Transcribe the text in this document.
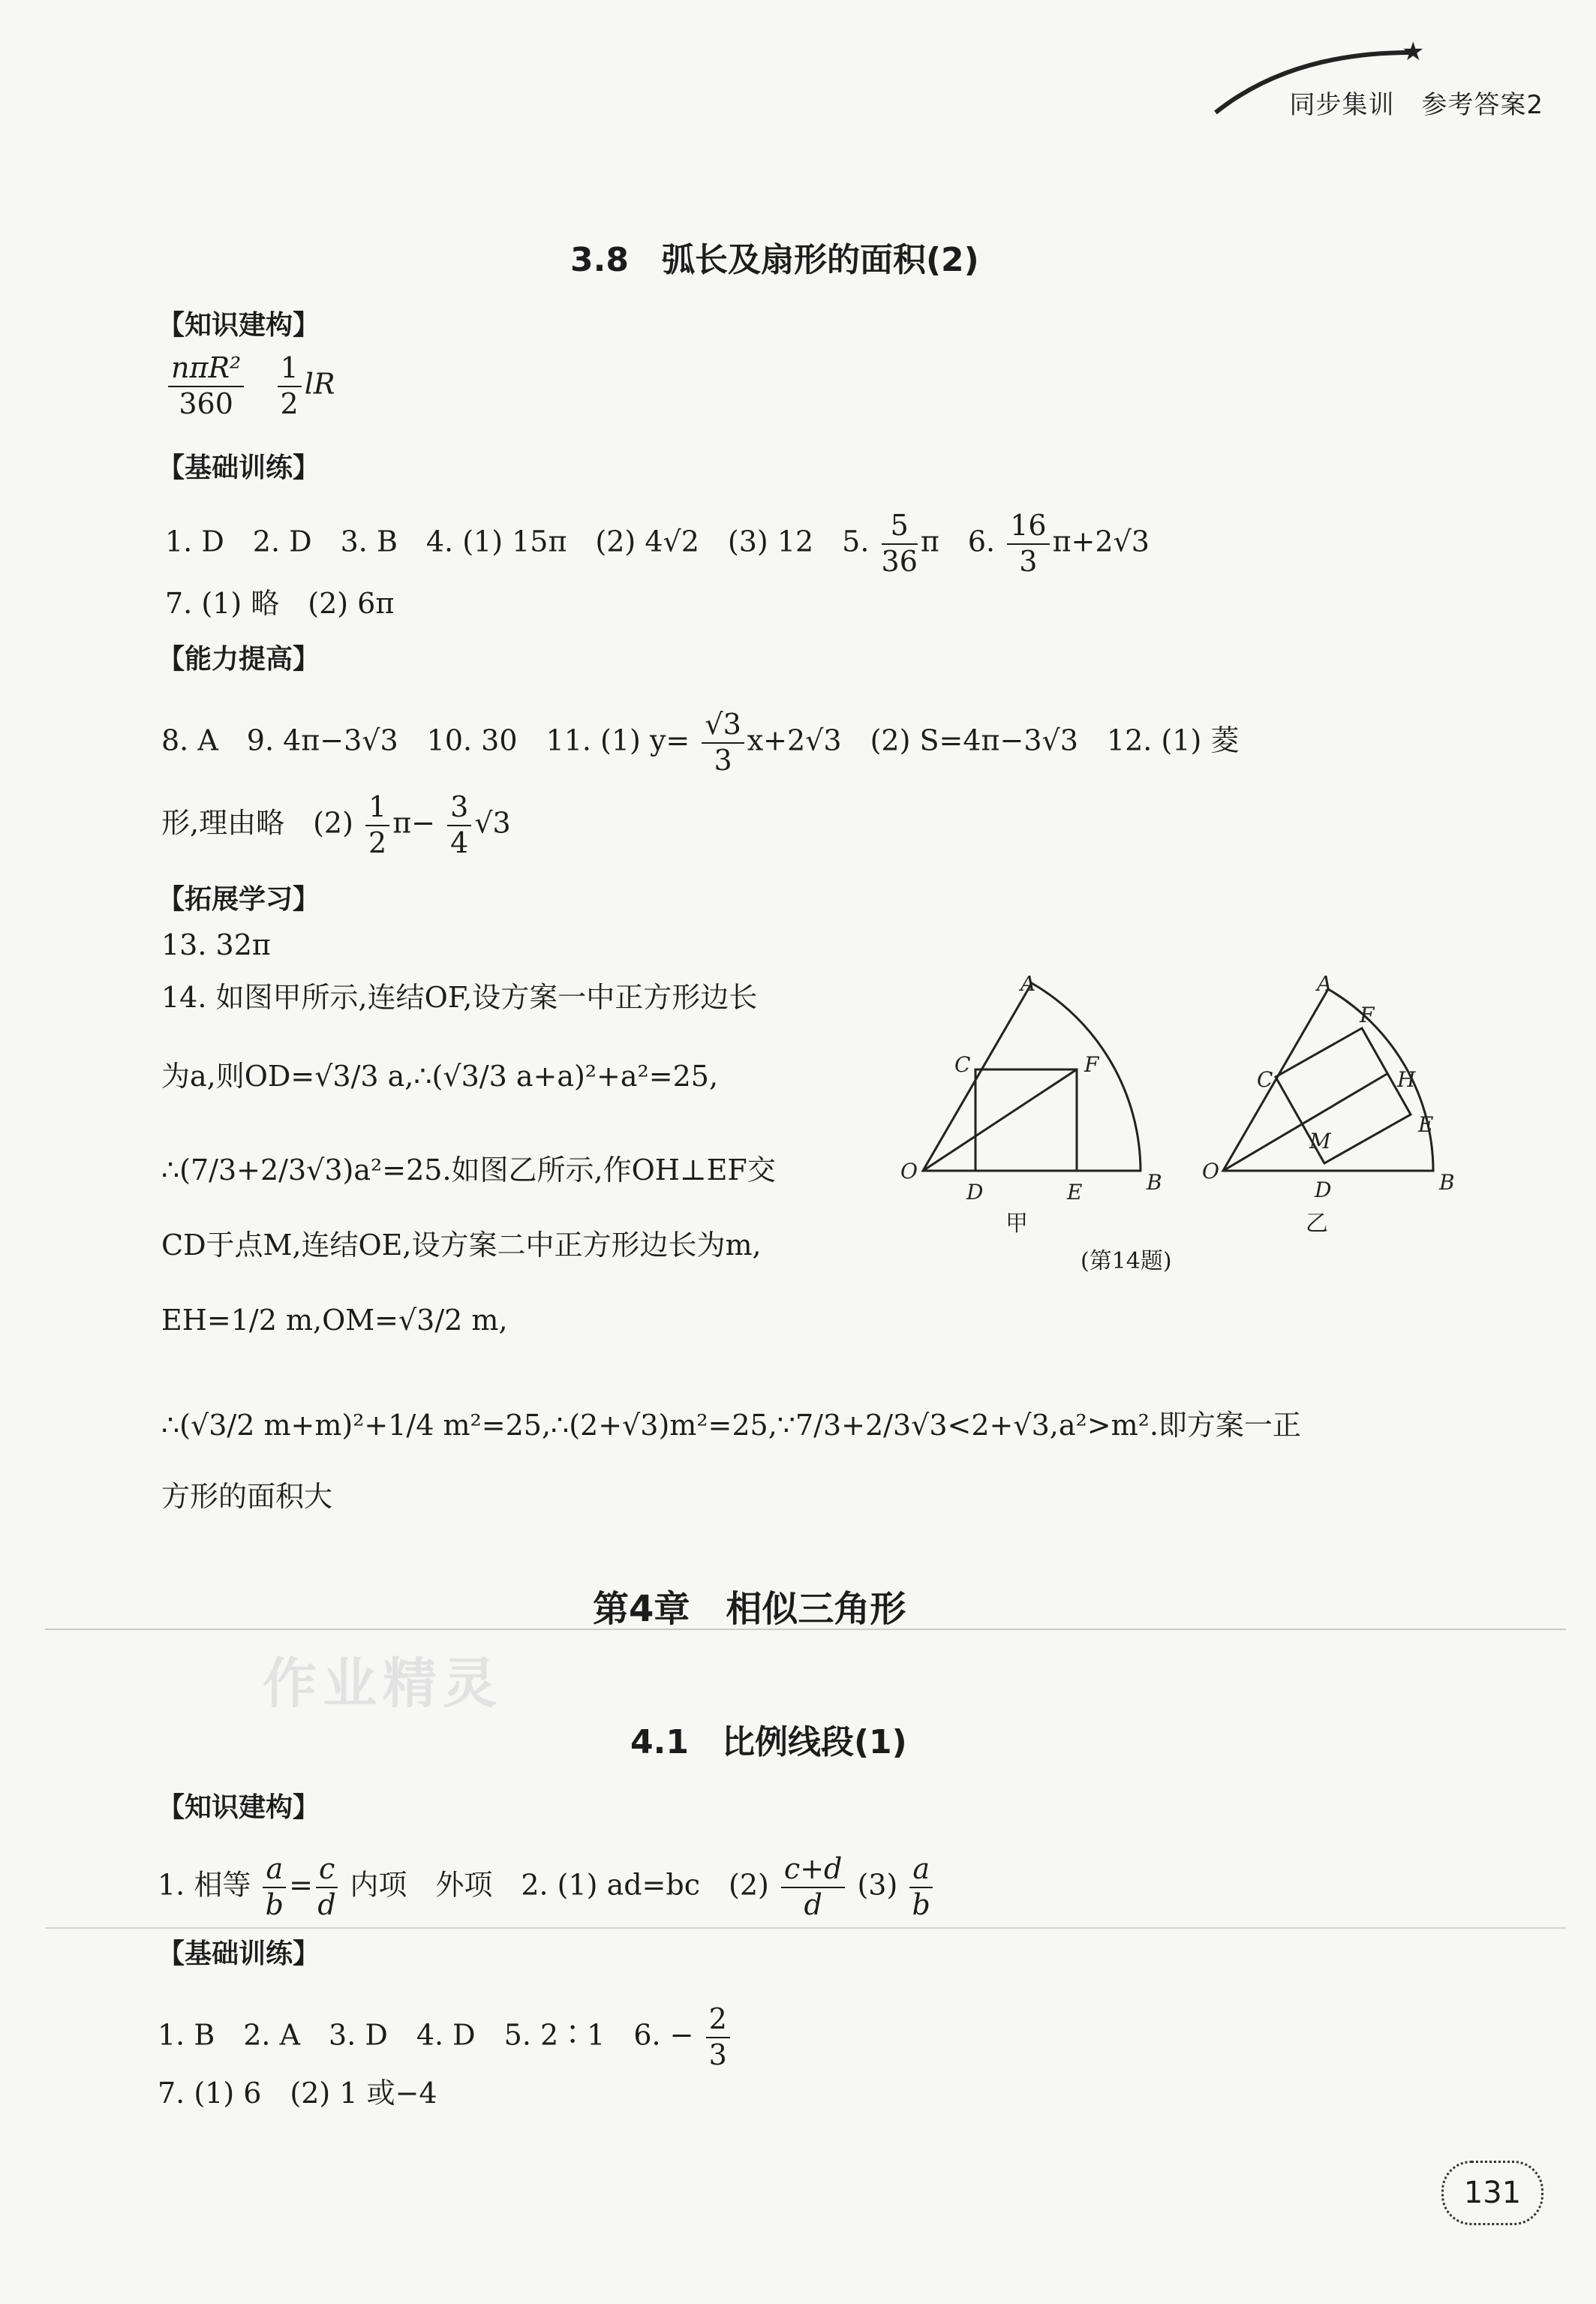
★
同步集训 参考答案2
3.8　弧长及扇形的面积(2)
【知识建构】
$\frac{\text{nπR²}}{360}$
$\frac{1}{2}$ lR
【基础训练】
1. D　2. D　3. B　4. (1) 15π　(2) 4√2　(3) 12　5. $\frac{5}{36}$ π　6. $\frac{16}{3} \pi+2√3$
7. (1) 略　(2) 6π
【能力提高】
8. A　9. 4π−3√3　10. 30　11. (1) $y= \frac{√3}{3} x+2√3$　(2) S=4π−3√3　12. (1) 菱
形,理由略　$(2) \frac{1}{2} \pi- \frac{3}{4} √3$
【拓展学习】
13. 32π
14. 如图甲所示,连结OF,设方案一中正方形边长
为a,则OD=√3/3 a,∴(√3/3 a+a)²+a²=25,
∴(7/3+2/3√3)a²=25.如图乙所示,作OH⊥EF交
CD于点M,连结OE,设方案二中正方形边长为m,
EH=1/2 m,OM=√3/2 m,
∴(√3/2 m+m)²+1/4 m²=25,∴(2+√3)m²=25,∵7/3+2/3√3<2+√3,a²>m².即方案一正
方形的面积大
O
A
C	F
D	E	B O
A
F
H
C
E
M
D	B
甲	乙
(第14题)
第4章　相似三角形
作业精灵
4.1　比例线段(1)
【知识建构】
1. 相等 $\frac{a}{b} = \frac{c}{d}$ 内项　外项　2. (1) ad=bc　$(2) \frac{c+d}{d} (3) \frac{a}{b}$
【基础训练】
1. B　2. A　3. D　4. D　5. 2∶1　6. − $\frac{2}{3}$
7. (1) 6　(2) 1 或−4
131
